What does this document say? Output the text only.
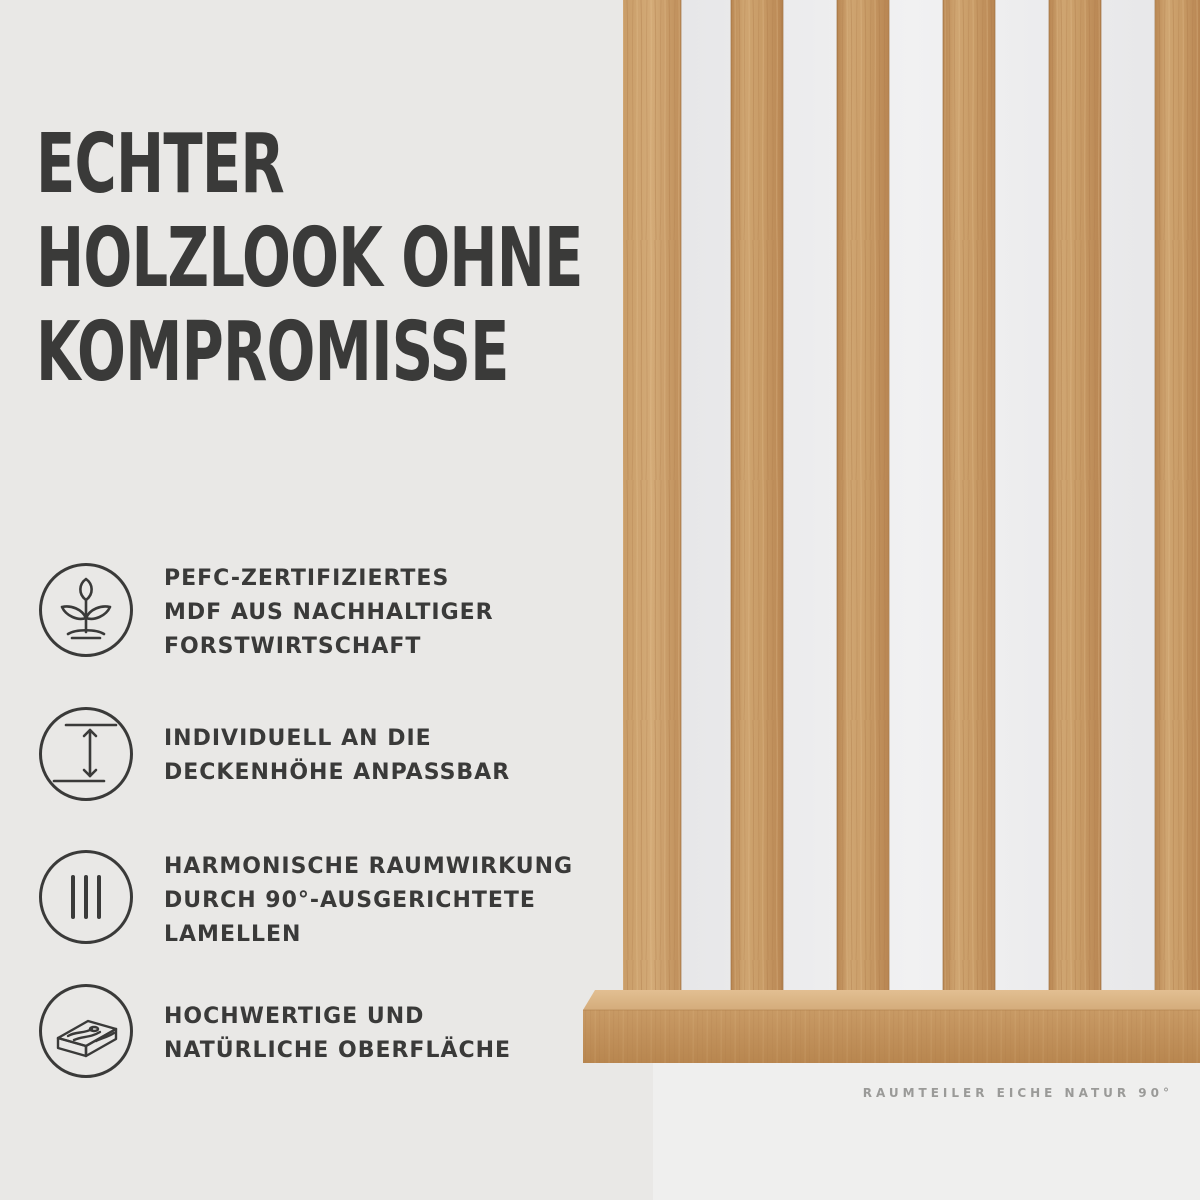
ECHTER
HOLZLOOK OHNE
KOMPROMISSE
PEFC-ZERTIFIZIERTES
MDF AUS NACHHALTIGER
FORSTWIRTSCHAFT
INDIVIDUELL AN DIE
DECKENHÖHE ANPASSBAR
HARMONISCHE RAUMWIRKUNG
DURCH 90°-AUSGERICHTETE
LAMELLEN
HOCHWERTIGE UND
NATÜRLICHE OBERFLÄCHE
RAUMTEILER EICHE NATUR 90°
